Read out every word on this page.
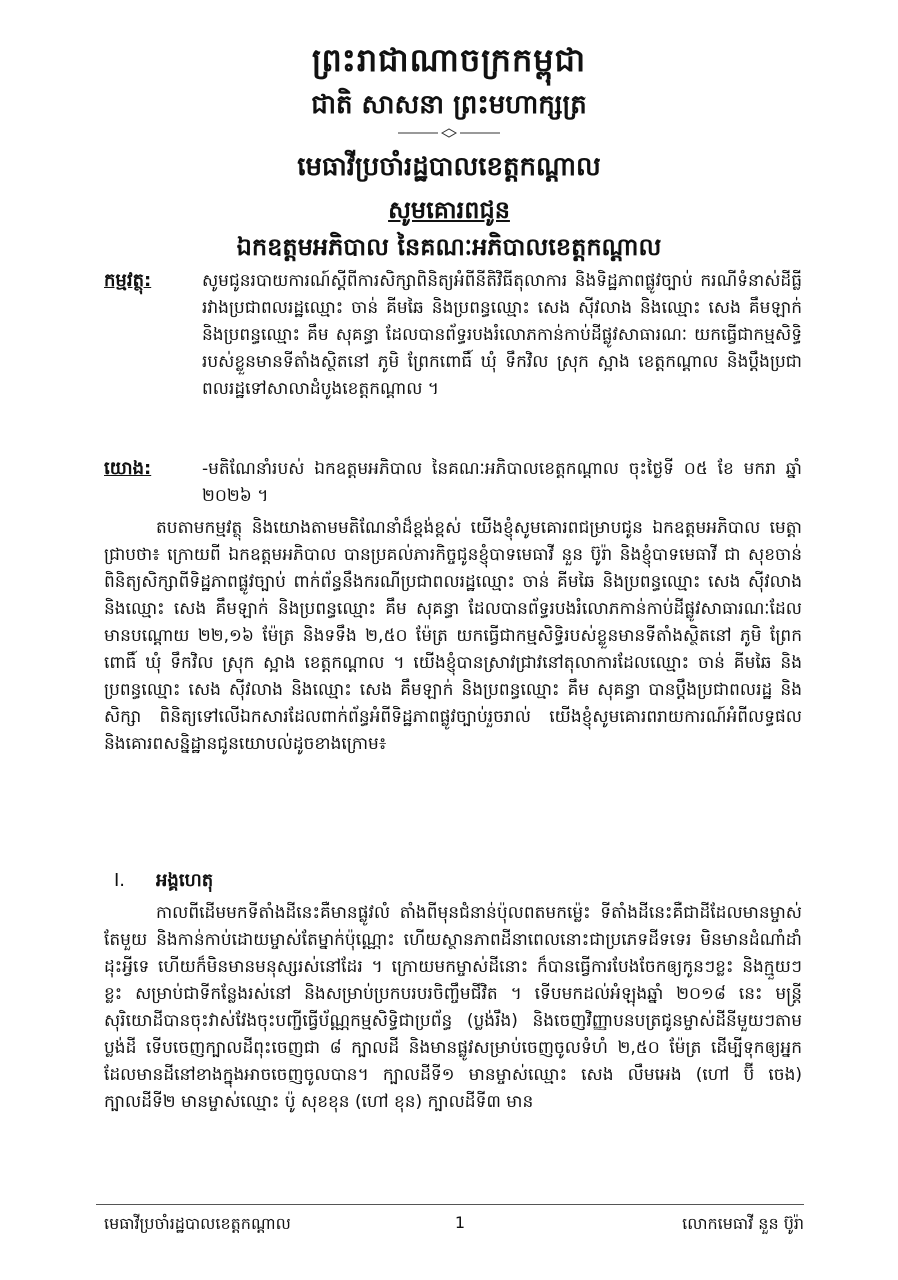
ព្រះរាជាណាចក្រកម្ពុជា
ជាតិ សាសនា ព្រះមហាក្សត្រ
មេធាវីប្រចាំរដ្ឋបាលខេត្តកណ្តាល
សូមគោរពជូន
ឯកឧត្តមអភិបាល នៃគណៈអភិបាលខេត្តកណ្ដាល
កម្មវត្ថុ:	សូមជូនរបាយការណ៍ស្តីពីការសិក្សាពិនិត្យអំពីនីតិវិធីតុលាការ និងទិដ្ឋភាពផ្លូវច្បាប់ ករណីទំនាស់ដីធ្លីរវាងប្រជាពលរដ្ឋឈ្មោះ ចាន់ គីមឆៃ និងប្រពន្ធឈ្មោះ សេង ស៊ីវលាង និងឈ្មោះ សេង គឹមឡាក់ និងប្រពន្ធឈ្មោះ គឹម សុគន្ធា ដែលបានព័ទ្ធរបងរំលោភកាន់កាប់ដីផ្លូវសាធារណៈ យកធ្វើជាកម្មសិទ្ធិរបស់ខ្លួនមានទីតាំងស្ថិតនៅ ភូមិ ព្រែកពោធិ៍ ឃុំ ទឹកវិល ស្រុក ស្អាង ខេត្តកណ្តាល និងប្ដឹងប្រជាពលរដ្ឋទៅសាលាដំបូងខេត្តកណ្តាល ។
យោង:	-មតិណែនាំរបស់ ឯកឧត្តមអភិបាល នៃគណៈអភិបាលខេត្តកណ្តាល ចុះថ្ងៃទី ០៥ ខែ មករា ឆ្នាំ ២០២៦ ។
តបតាមកម្មវត្ថុ និងយោងតាមមតិណែនាំដ៏ខ្ពង់ខ្ពស់ យើងខ្ញុំសូមគោរពជម្រាបជូន ឯកឧត្តមអភិបាល មេត្តាជ្រាបថា៖ ក្រោយពី ឯកឧត្តមអភិបាល បានប្រគល់ភារកិច្ចជូនខ្ញុំបាទមេធាវី នួន ប៊ូរ៉ា និងខ្ញុំបាទមេធាវី ជា សុខចាន់ ពិនិត្យសិក្សាពីទិដ្ឋភាពផ្លូវច្បាប់ ពាក់ព័ន្ធនឹងករណីប្រជាពលរដ្ឋឈ្មោះ ចាន់ គីមឆៃ និងប្រពន្ធឈ្មោះ សេង ស៊ីវលាង និងឈ្មោះ សេង គឹមឡាក់ និងប្រពន្ធឈ្មោះ គឹម សុគន្ធា ដែលបានព័ទ្ធរបងរំលោភកាន់កាប់ដីផ្លូវសាធារណៈដែលមានបណ្ដោយ ២២,១៦ ម៉ែត្រ និងទទឹង ២,៥០ ម៉ែត្រ យកធ្វើជាកម្មសិទ្ធិរបស់ខ្លួនមានទីតាំងស្ថិតនៅ ភូមិ ព្រែកពោធិ៍ ឃុំ ទឹកវិល ស្រុក ស្អាង ខេត្តកណ្តាល ។ យើងខ្ញុំបានស្រាវជ្រាវនៅតុលាការដែលឈ្មោះ ចាន់ គីមឆៃ និងប្រពន្ធឈ្មោះ សេង ស៊ីវលាង និងឈ្មោះ សេង គឹមឡាក់ និងប្រពន្ធឈ្មោះ គឹម សុគន្ធា បានប្ដឹងប្រជាពលរដ្ឋ និងសិក្សា ពិនិត្យទៅលើឯកសារដែលពាក់ព័ន្ធអំពីទិដ្ឋភាពផ្លូវច្បាប់រួចរាល់ យើងខ្ញុំសូមគោរពរាយការណ៍អំពីលទ្ធផល និងគោរពសន្និដ្ឋានជូនយោបល់ដូចខាងក្រោម៖
I. អង្គហេតុ
កាលពីដើមមកទីតាំងដីនេះគឺមានផ្លូវលំ តាំងពីមុនជំនាន់ប៉ុលពតមកម្ល៉េះ ទីតាំងដីនេះគឺជាដីដែលមានម្ចាស់តែមួយ និងកាន់កាប់ដោយម្ចាស់តែម្នាក់ប៉ុណ្ណោះ ហើយស្ថានភាពដីនាពេលនោះជាប្រភេទដីទទេរ មិនមានដំណាំដាំដុះអ្វីទេ ហើយក៏មិនមានមនុស្សរស់នៅដែរ ។ ក្រោយមកម្ចាស់ដីនោះ ក៏បានធ្វើការបែងចែកឲ្យកូនៗខ្លះ និងក្មួយៗខ្លះ សម្រាប់ជាទីកន្លែងរស់នៅ និងសម្រាប់ប្រកបរបរចិញ្ចឹមជីវិត ។ ទើបមកដល់អំឡុងឆ្នាំ ២០១៨ នេះ មន្ត្រីសុរិយោដីបានចុះវាស់វែងចុះបញ្ជីធ្វើប័ណ្ណកម្មសិទ្ធិជាប្រព័ន្ធ (ប្លង់រឹង) និងចេញវិញ្ញាបនបត្រជូនម្ចាស់ដីនីមួយៗតាមប្លង់ដី ទើបចេញក្បាលដីពុះចេញជា ៨ ក្បាលដី និងមានផ្លូវសម្រាប់ចេញចូលទំហំ ២,៥០ ម៉ែត្រ ដើម្បីទុកឲ្យអ្នកដែលមានដីនៅខាងក្នុងអាចចេញចូលបាន។ ក្បាលដីទី១ មានម្ចាស់ឈ្មោះ សេង លឹមអេង (ហៅ ប៊ី ចេង) ក្បាលដីទី២ មានម្ចាស់ឈ្មោះ ប៉ូ សុខខុន (ហៅ ខុន) ក្បាលដីទី៣ មាន
មេធាវីប្រចាំរដ្ឋបាលខេត្តកណ្តាល	1	លោកមេធាវី នួន ប៊ូរ៉ា
